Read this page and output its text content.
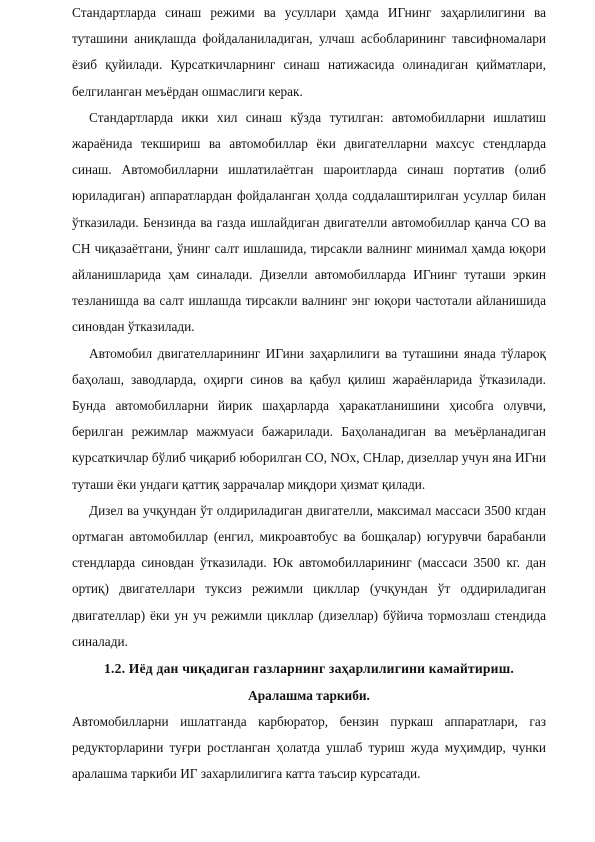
Стандартларда синаш режими ва усуллари ҳамда ИГнинг заҳарлилигини ва туташини аниқлашда фойдаланиладиган, улчаш асбобларининг тавсифномалари ёзиб қуйилади. Курсаткичларнинг синаш натижасида олинадиган қийматлари, белгиланган меъёрдан ошмаслиги керак.

Стандартларда икки хил синаш кўзда тутилган: автомобилларни ишлатиш жараёнида текшириш ва автомобиллар ёки двигателларни махсус стендларда синаш. Автомобилларни ишлатилаётган шароитларда синаш портатив (олиб юриладиган) аппаратлардан фойдаланган ҳолда соддалаштирилган усуллар билан ўтказилади. Бензинда ва газда ишлайдиган двигателли автомобиллар қанча СО ва СН чиқазаётгани, ўнинг салт ишлашида, тирсакли валнинг минимал ҳамда юқори айланишларида ҳам синалади. Дизелли автомобилларда ИГнинг туташи эркин тезланишда ва салт ишлашда тирсакли валнинг энг юқори частотали айланишида синовдан ўтказилади.

Автомобил двигателларининг ИГини заҳарлилиги ва туташини янада тўлароқ баҳолаш, заводларда, оҳирги синов ва қабул қилиш жараёнларида ўтказилади. Бунда автомобилларни йирик шаҳарларда ҳаракатланишини ҳисобга олувчи, берилган режимлар мажмуаси бажарилади. Баҳоланадиган ва меъёрланадиган курсаткичлар бўлиб чиқариб юборилган СО, NOх, СНлар, дизеллар учун яна ИГни туташи ёки ундаги қаттиқ заррачалар миқдори ҳизмат қилади.

Дизел ва учқундан ўт олдириладиган двигателли, максимал массаси 3500 кгдан ортмаган автомобиллар (енгил, микроавтобус ва бошқалар) югурувчи барабанли стендларда синовдан ўтказилади. Юк автомобилларининг (массаси 3500 кг. дан ортиқ) двигателлари туксиз режимли цикллар (учқундан ўт оддириладиган двигателлар) ёки ун уч режимли цикллар (дизеллар) бўйича тормозлаш стендида синалади.

1.2. Иёд дан чиқадиган газларнинг заҳарлилигини камайтириш.
Аралашма таркиби.

Автомобилларни ишлатганда карбюратор, бензин пуркаш аппаратлари, газ редукторларини туғри ростланган ҳолатда ушлаб туриш жуда муҳимдир, чунки аралашма таркиби ИГ захарлилигига катта таъсир курсатади.
